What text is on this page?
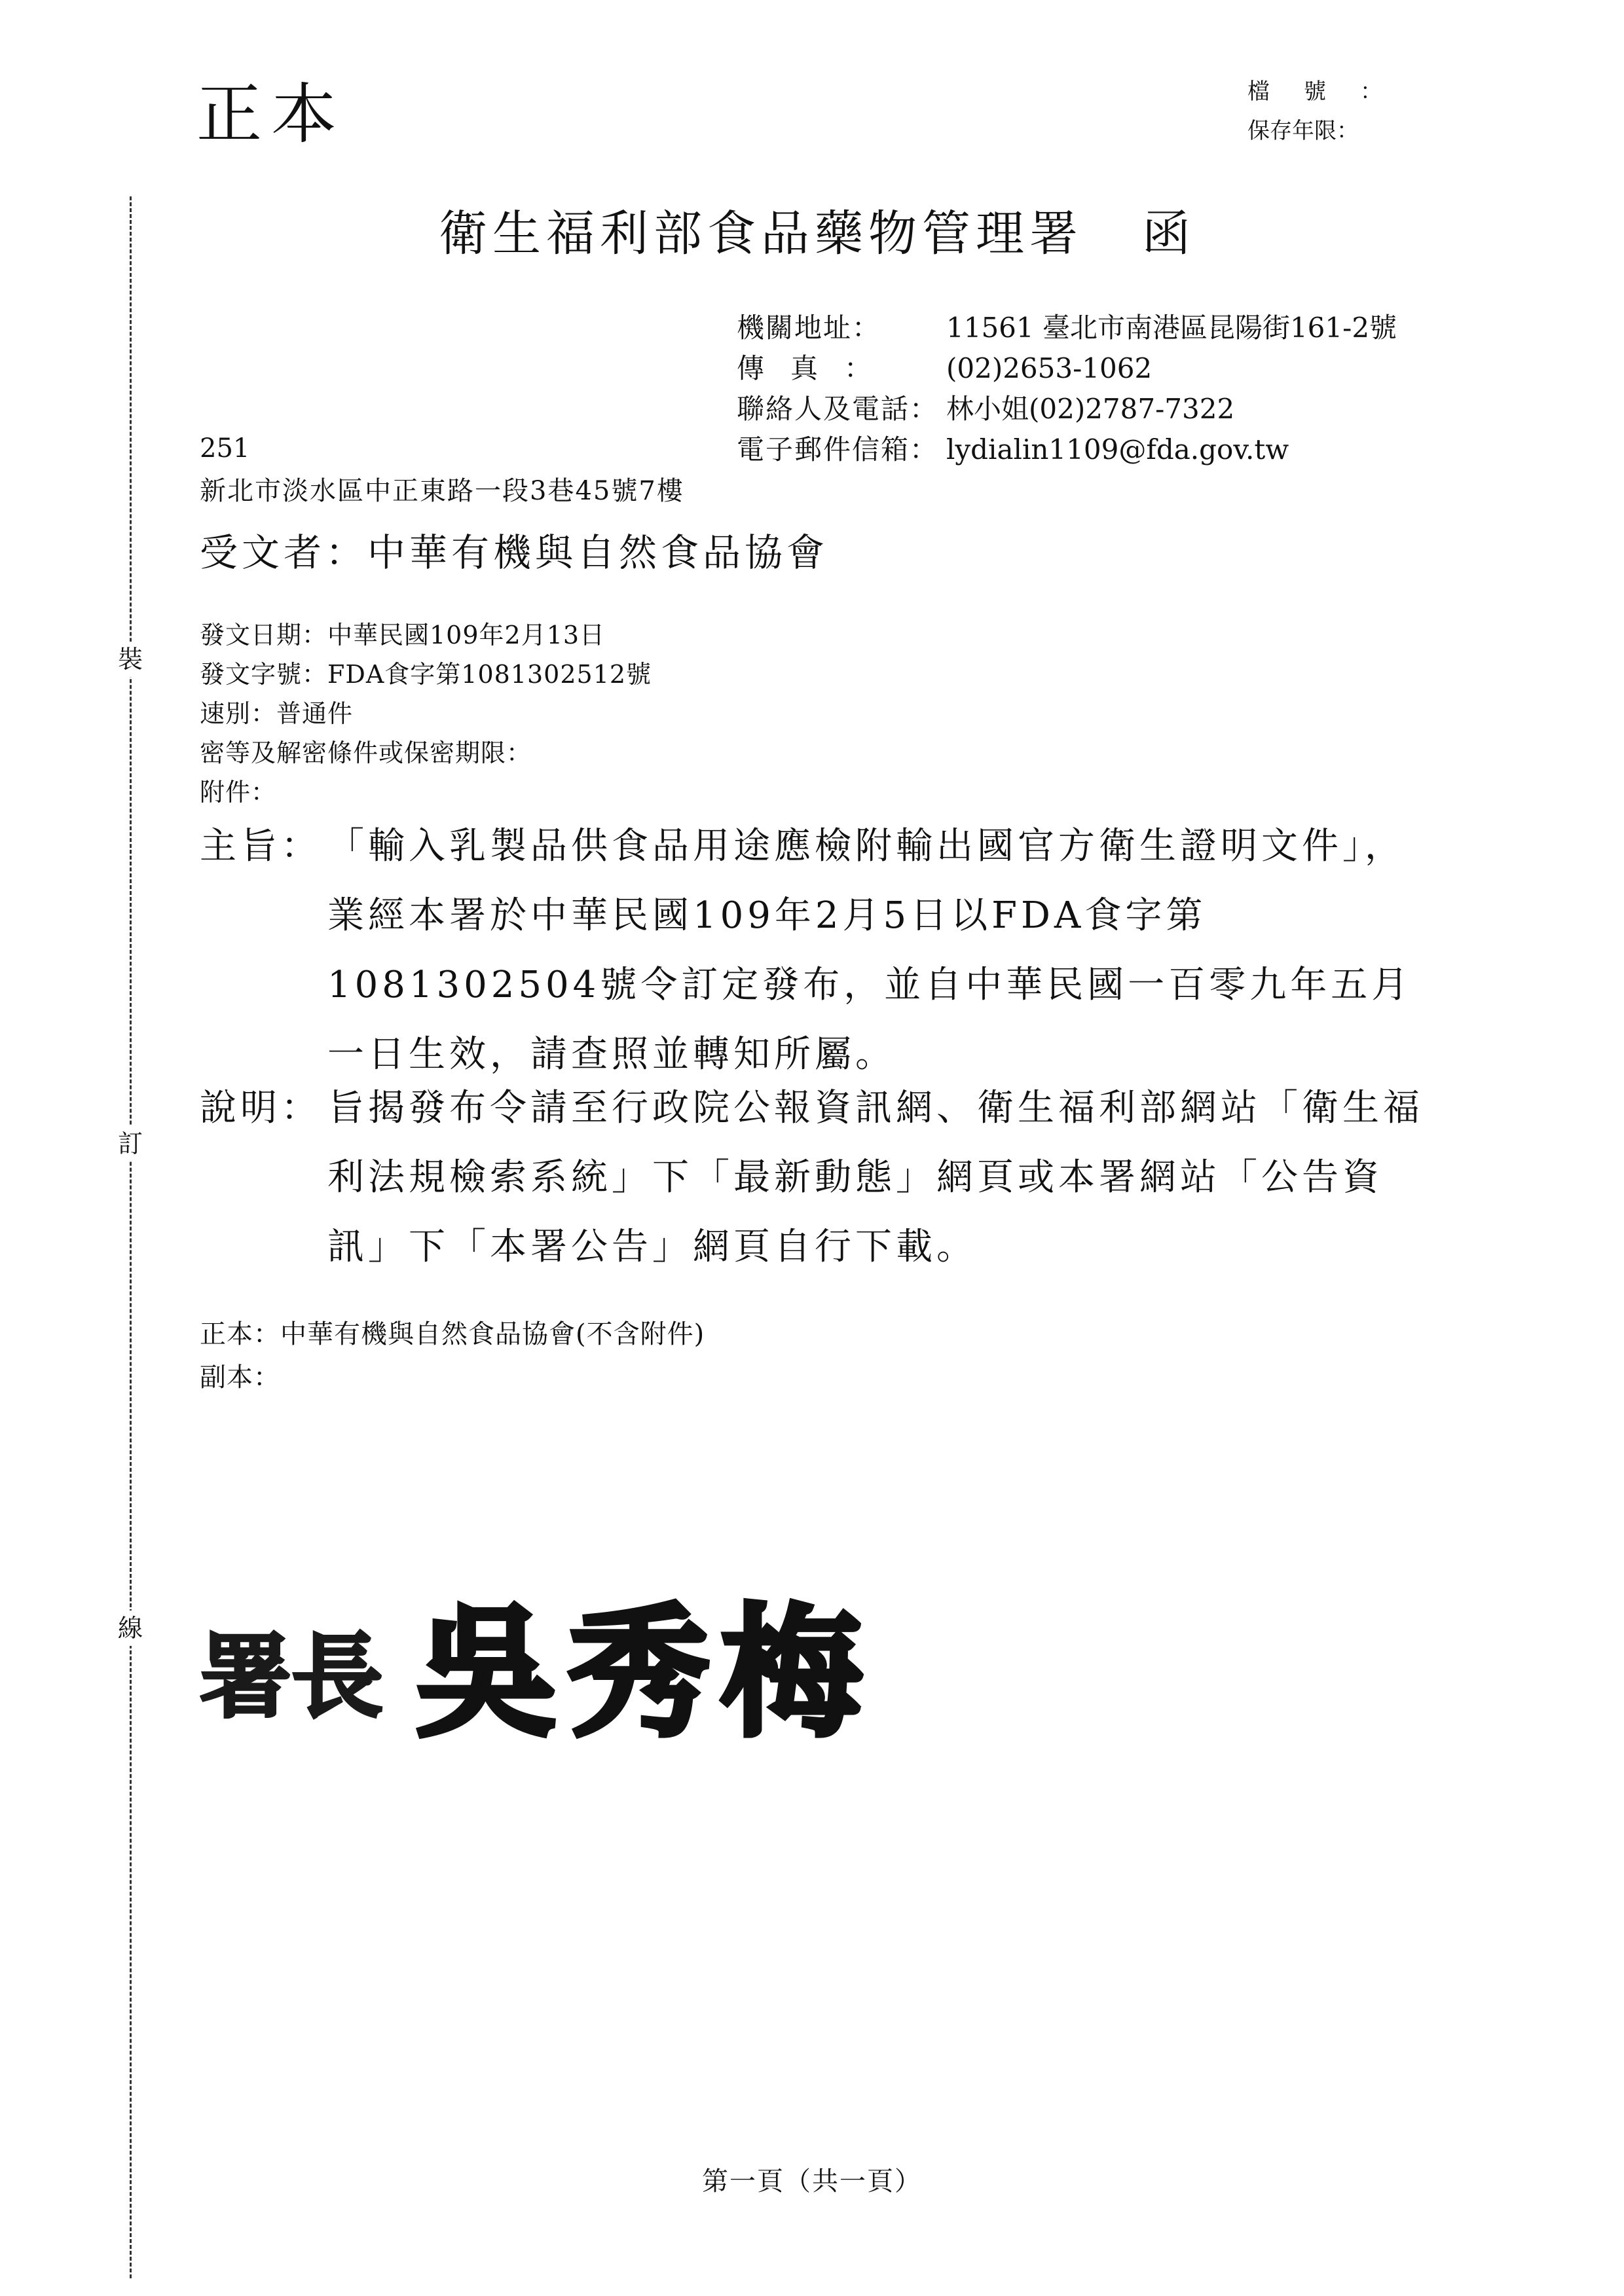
正本	檔號：
保存年限：
裝
訂
線
衛生福利部食品藥物管理署 函
機關地址： 11561 臺北市南港區昆陽街161-2號
傳真： (02)2653-1062
聯絡人及電話： 林小姐(02)2787-7322
電子郵件信箱： lydialin1109@fda.gov.tw
251
新北市淡水區中正東路一段3巷45號7樓
受文者：中華有機與自然食品協會
發文日期：中華民國109年2月13日
發文字號：FDA食字第1081302512號
速別：普通件
密等及解密條件或保密期限：
附件：
主旨： 「輸入乳製品供食品用途應檢附輸出國官方衛生證明文件」，業經本署於中華民國109年2月5日以FDA食字第1081302504號令訂定發布，並自中華民國一百零九年五月一日生效，請查照並轉知所屬。
說明： 旨揭發布令請至行政院公報資訊網、衛生福利部網站「衛生福利法規檢索系統」下「最新動態」網頁或本署網站「公告資訊」下「本署公告」網頁自行下載。
正本：中華有機與自然食品協會(不含附件)
副本：
署長 吳秀梅
第一頁（共一頁）
